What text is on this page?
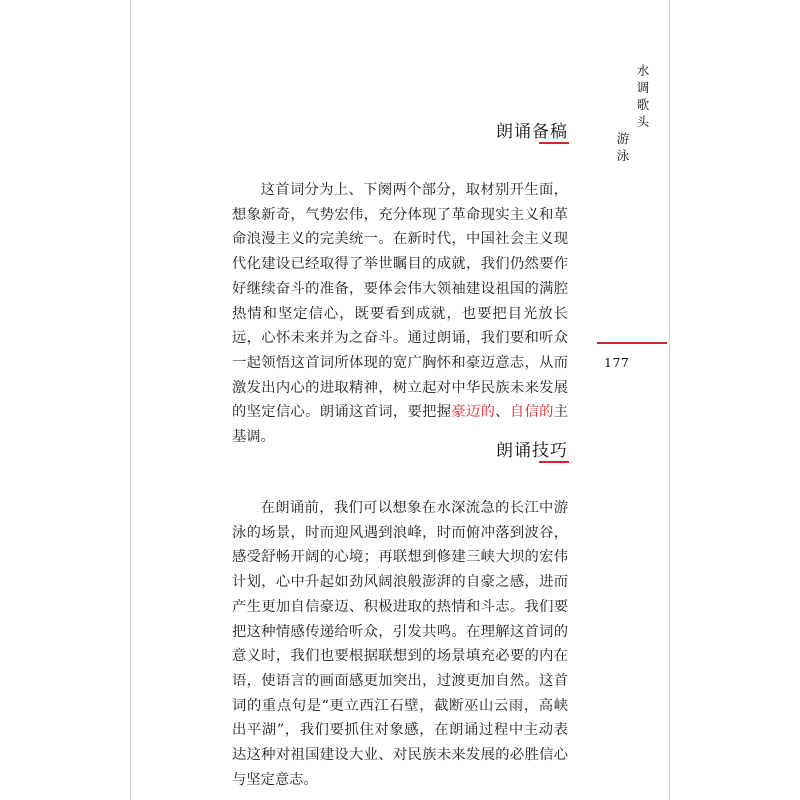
朗诵备稿

这首词分为上、下阕两个部分，取材别开生面，想象新奇，气势宏伟，充分体现了革命现实主义和革命浪漫主义的完美统一。在新时代，中国社会主义现代化建设已经取得了举世瞩目的成就，我们仍然要作好继续奋斗的准备，要体会伟大领袖建设祖国的满腔热情和坚定信心，既要看到成就，也要把目光放长远，心怀未来并为之奋斗。通过朗诵，我们要和听众一起领悟这首词所体现的宽广胸怀和豪迈意志，从而激发出内心的进取精神，树立起对中华民族未来发展的坚定信心。朗诵这首词，要把握豪迈的、自信的主基调。

朗诵技巧

在朗诵前，我们可以想象在水深流急的长江中游泳的场景，时而迎风遇到浪峰，时而俯冲落到波谷，感受舒畅开阔的心境；再联想到修建三峡大坝的宏伟计划，心中升起如劲风阔浪般澎湃的自豪之感，进而产生更加自信豪迈、积极进取的热情和斗志。我们要把这种情感传递给听众，引发共鸣。在理解这首词的意义时，我们也要根据联想到的场景填充必要的内在语，使语言的画面感更加突出，过渡更加自然。这首词的重点句是“更立西江石壁，截断巫山云雨，高峡出平湖”，我们要抓住对象感，在朗诵过程中主动表达这种对祖国建设大业、对民族未来发展的必胜信心与坚定意志。

水
调
歌
头
游
泳
177
